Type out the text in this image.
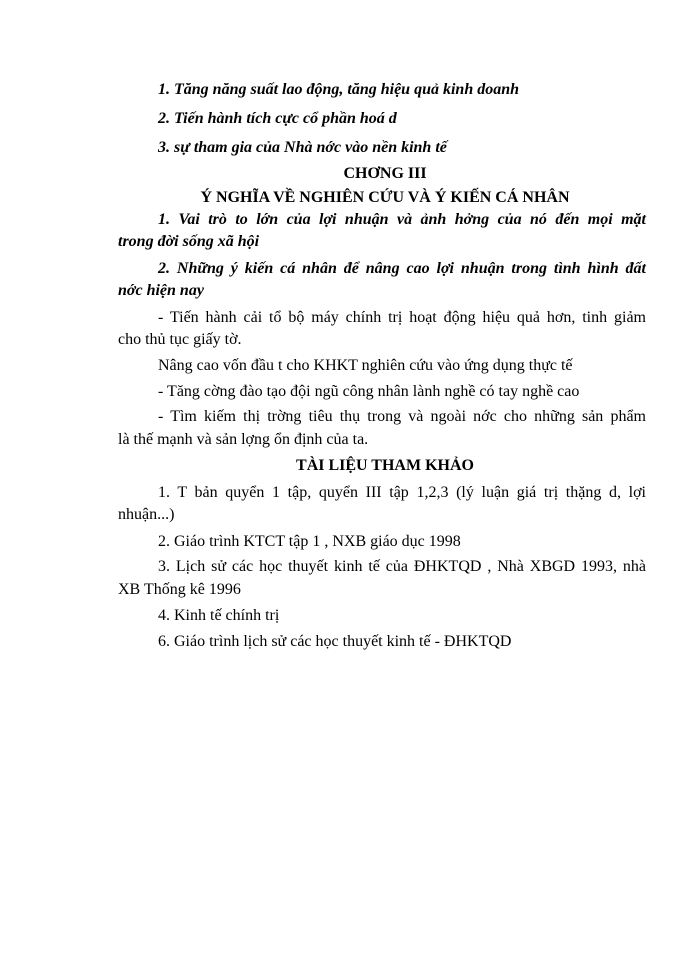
1. Tăng năng suất lao động, tăng hiệu quả kinh doanh
2. Tiến hành tích cực cổ phần hoá d
3. sự tham gia của Nhà nớc vào nền kinh tế
CHƠNG III
Ý NGHĨA VỀ NGHIÊN CỨU VÀ Ý KIẾN CÁ NHÂN
1. Vai trò to lớn của lợi nhuận và ảnh hởng của nó đến mọi mặt
trong đời sống xã hội
2. Những ý kiến cá nhân để nâng cao lợi nhuận trong tình hình đất
nớc hiện nay
- Tiến hành cải tổ bộ máy chính trị hoạt động hiệu quả hơn, tinh giảm
cho thủ tục giấy tờ.
Nâng cao vốn đầu t cho KHKT nghiên cứu vào ứng dụng thực tế
- Tăng cờng đào tạo đội ngũ công nhân lành nghề có tay nghề cao
- Tìm kiếm thị trờng tiêu thụ trong và ngoài nớc cho những sản phẩm
là thế mạnh và sản lợng ổn định của ta.
TÀI LIỆU THAM KHẢO
1. T bản quyển 1 tập, quyển III tập 1,2,3 (lý luận giá trị thặng d, lợi
nhuận...)
2. Giáo trình KTCT tập 1 , NXB giáo dục 1998
3. Lịch sử các học thuyết kinh tế của ĐHKTQD , Nhà XBGD 1993, nhà
XB Thống kê 1996
4. Kinh tế chính trị
6. Giáo trình lịch sử các học thuyết kinh tế - ĐHKTQD
